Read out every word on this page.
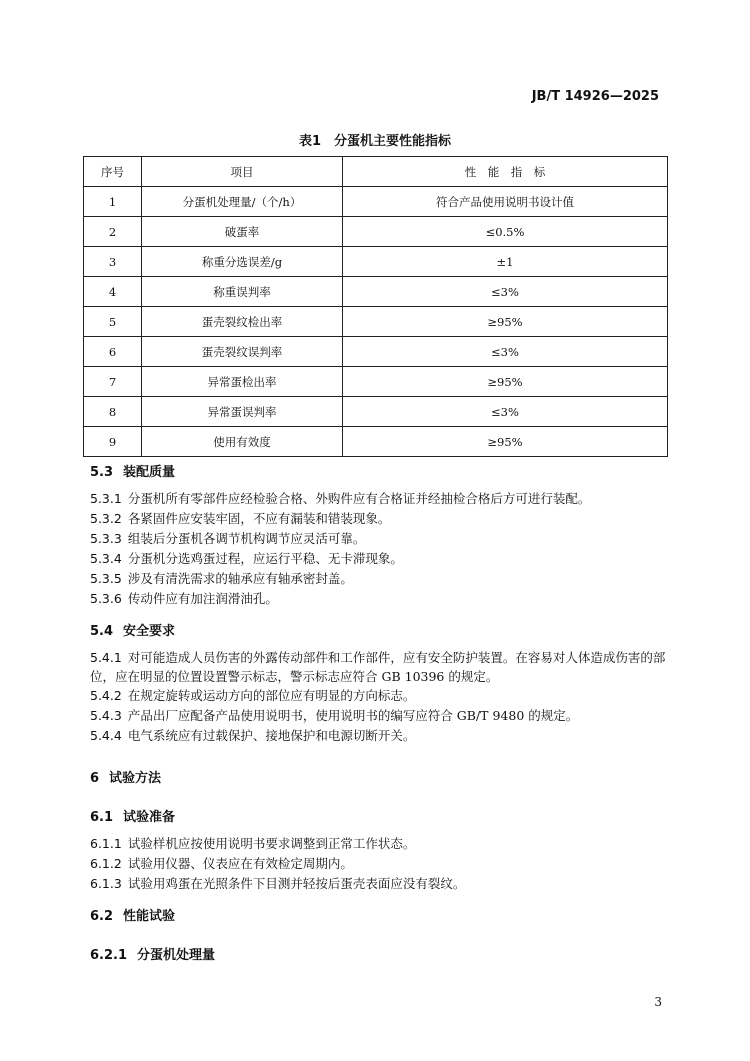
JB/T 14926—2025
表1　分蛋机主要性能指标
序号	项目	性　能　指　标
1	分蛋机处理量/（个/h）	符合产品使用说明书设计值
2	破蛋率	≤0.5%
3	称重分选误差/g	±1
4	称重误判率	≤3%
5	蛋壳裂纹检出率	≥95%
6	蛋壳裂纹误判率	≤3%
7	异常蛋检出率	≥95%
8	异常蛋误判率	≤3%
9	使用有效度	≥95%
5.3 装配质量
5.3.1 分蛋机所有零部件应经检验合格、外购件应有合格证并经抽检合格后方可进行装配。
5.3.2 各紧固件应安装牢固，不应有漏装和错装现象。
5.3.3 组装后分蛋机各调节机构调节应灵活可靠。
5.3.4 分蛋机分选鸡蛋过程，应运行平稳、无卡滞现象。
5.3.5 涉及有清洗需求的轴承应有轴承密封盖。
5.3.6 传动件应有加注润滑油孔。
5.4 安全要求
5.4.1 对可能造成人员伤害的外露传动部件和工作部件，应有安全防护装置。在容易对人体造成伤害的部位，应在明显的位置设置警示标志，警示标志应符合 GB 10396 的规定。
5.4.2 在规定旋转或运动方向的部位应有明显的方向标志。
5.4.3 产品出厂应配备产品使用说明书，使用说明书的编写应符合 GB/T 9480 的规定。
5.4.4 电气系统应有过载保护、接地保护和电源切断开关。
6 试验方法
6.1 试验准备
6.1.1 试验样机应按使用说明书要求调整到正常工作状态。
6.1.2 试验用仪器、仪表应在有效检定周期内。
6.1.3 试验用鸡蛋在光照条件下目测并轻按后蛋壳表面应没有裂纹。
6.2 性能试验
6.2.1 分蛋机处理量
3
